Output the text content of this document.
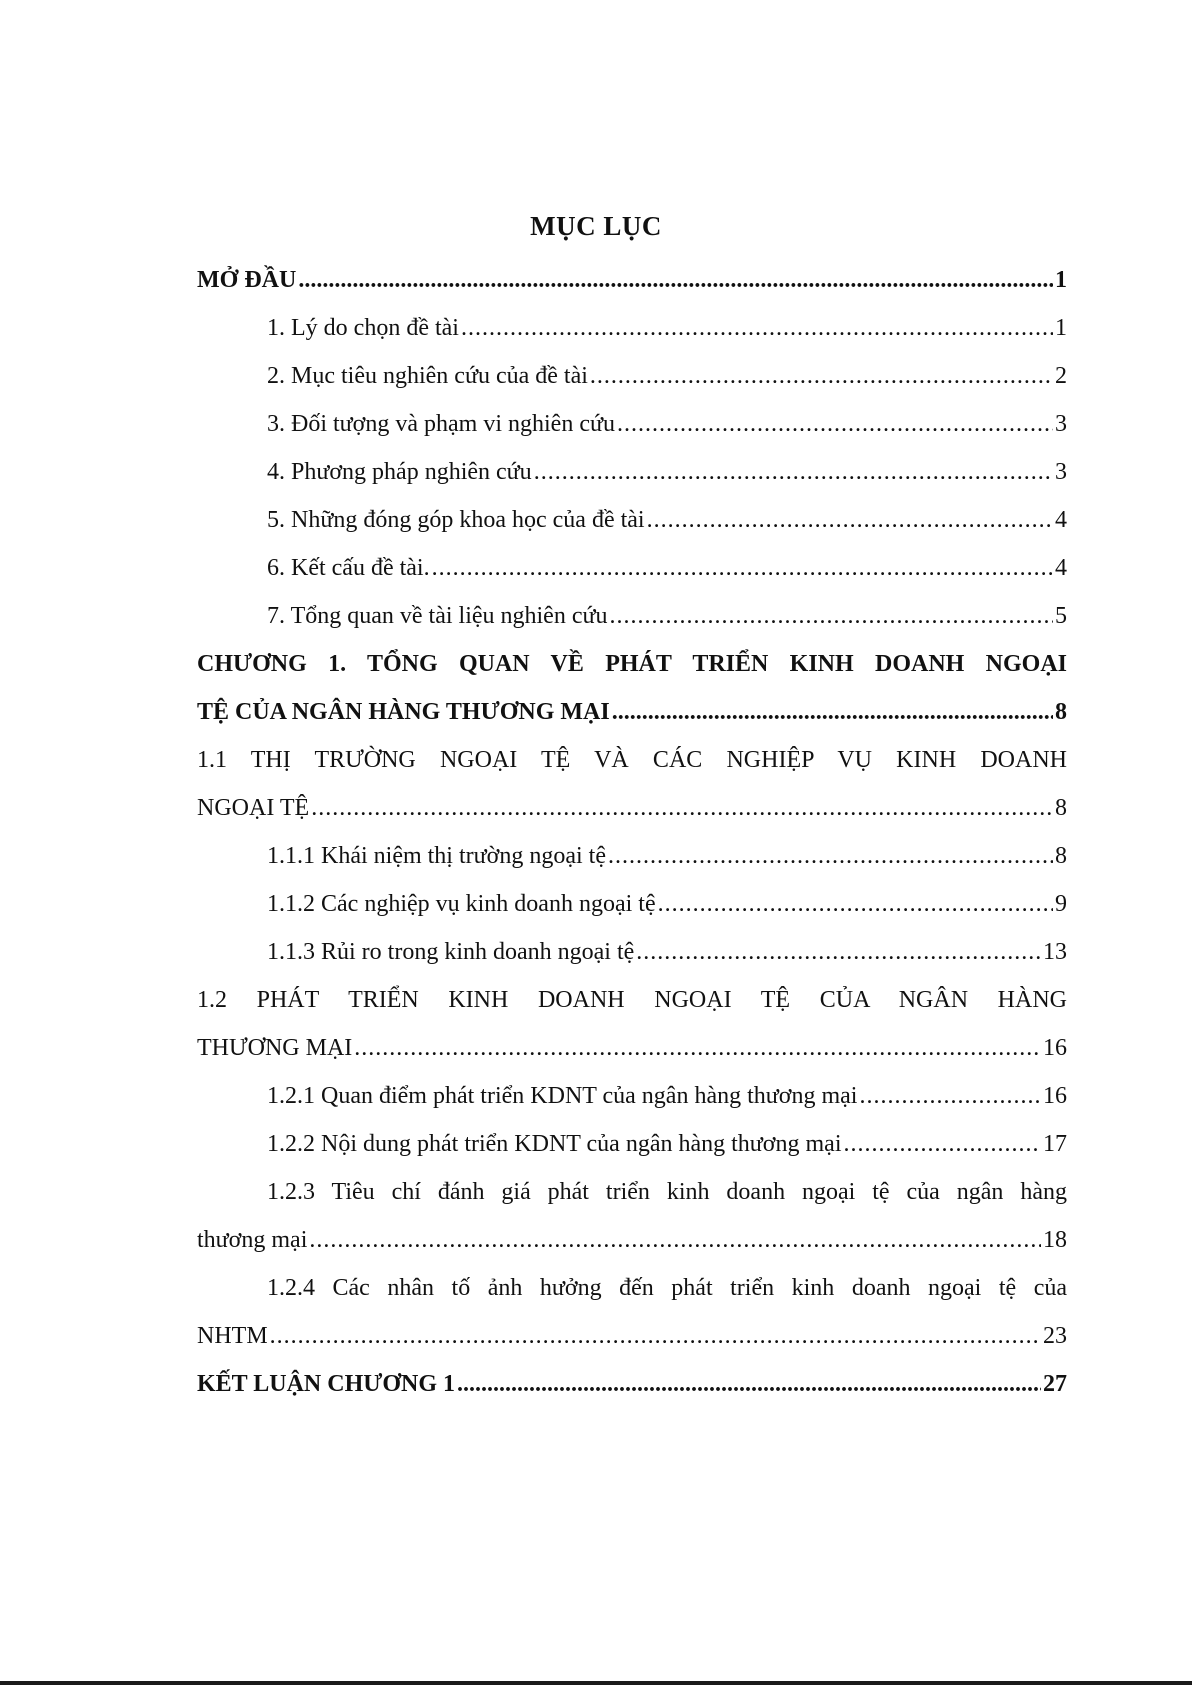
MỤC LỤC
MỞ ĐẦU .....	1
1. Lý do chọn đề tài .....	1
2. Mục tiêu nghiên cứu của đề tài .....	2
3. Đối tượng và phạm vi nghiên cứu .....	3
4. Phương pháp nghiên cứu .....	3
5. Những đóng góp khoa học của đề tài .....	4
6. Kết cấu đề tài. .....	4
7. Tổng quan về tài liệu nghiên cứu .....	5
CHƯƠNG 1. TỔNG QUAN VỀ PHÁT TRIỂN KINH DOANH NGOẠI
TỆ CỦA NGÂN HÀNG THƯƠNG MẠI .....	8
1.1 THỊ TRƯỜNG NGOẠI TỆ VÀ CÁC NGHIỆP VỤ KINH DOANH
NGOẠI TỆ .....	8
1.1.1 Khái niệm thị trường ngoại tệ .....	8
1.1.2 Các nghiệp vụ kinh doanh ngoại tệ .....	9
1.1.3 Rủi ro trong kinh doanh ngoại tệ .....	13
1.2 PHÁT TRIỂN KINH DOANH NGOẠI TỆ CỦA NGÂN HÀNG
THƯƠNG MẠI .....	16
1.2.1 Quan điểm phát triển KDNT của ngân hàng thương mại .....	16
1.2.2 Nội dung phát triển KDNT của ngân hàng thương mại .....	17
1.2.3 Tiêu chí đánh giá phát triển kinh doanh ngoại tệ của ngân hàng
thương mại .....	18
1.2.4 Các nhân tố ảnh hưởng đến phát triển kinh doanh ngoại tệ của
NHTM .....	23
KẾT LUẬN CHƯƠNG 1 .....	27
